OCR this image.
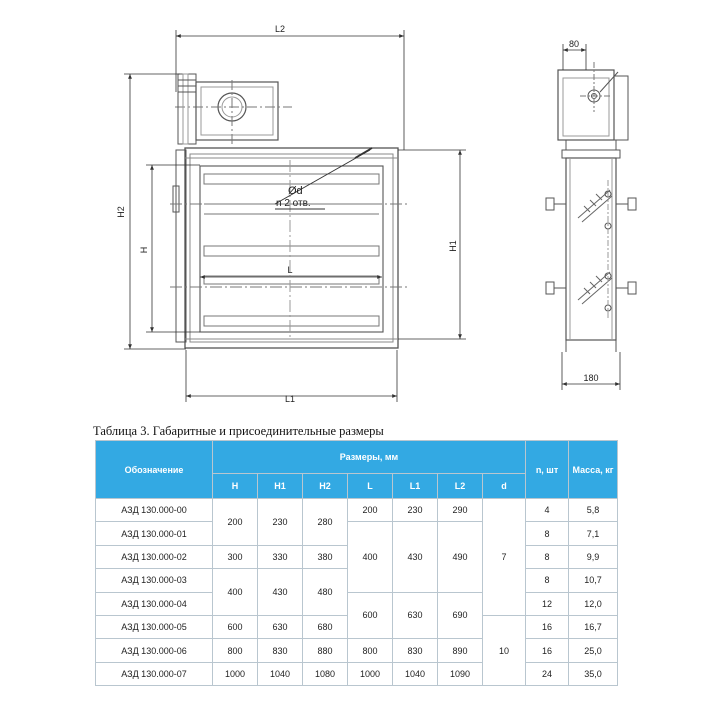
L2
L1
L
H2
H	H1
Ød
n 2 отв.
80
180
Таблица 3. Габаритные и присоединительные размеры
Обозначение	Размеры, мм							n, шт	Масса, кг
	H	H1	H2	L	L1	L2	d		
АЗД 130.000-00	200	230	280	200	230	290	7	4	5,8
АЗД 130.000-01				400	430	490		8	7,1
АЗД 130.000-02	300	330	380					8	9,9
АЗД 130.000-03	400	430	480					8	10,7
АЗД 130.000-04				600	630	690		12	12,0
АЗД 130.000-05	600	630	680				10	16	16,7
АЗД 130.000-06	800	830	880	800	830	890		16	25,0
АЗД 130.000-07	1000	1040	1080	1000	1040	1090		24	35,0
